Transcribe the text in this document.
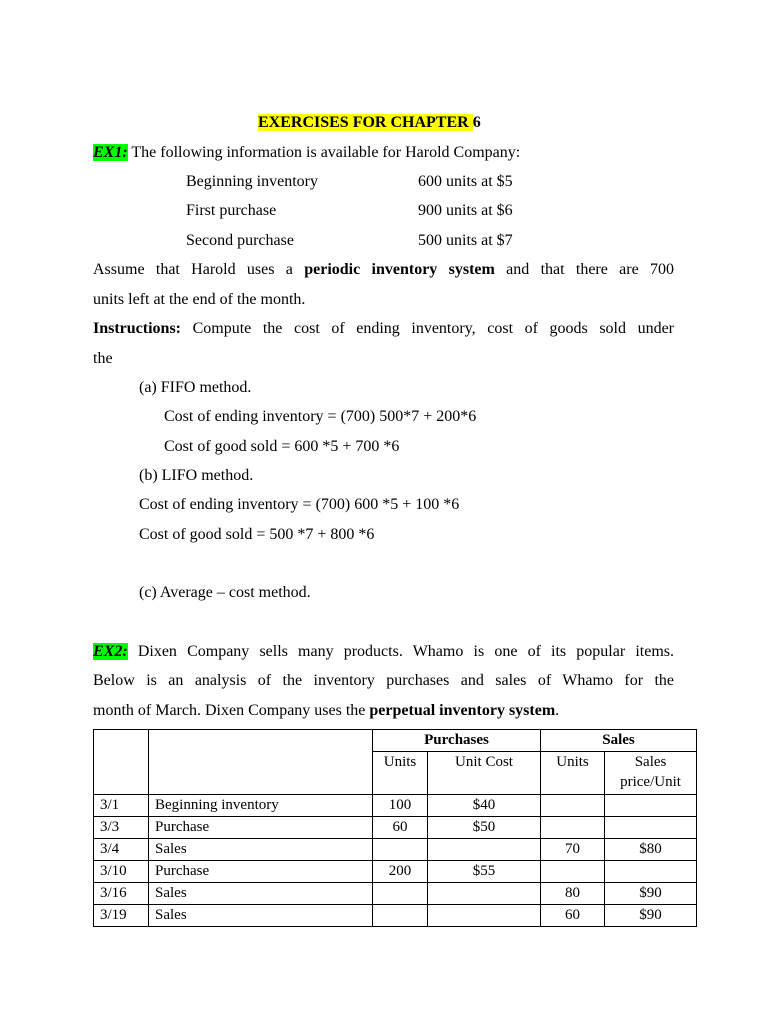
EXERCISES FOR CHAPTER 6
EX1: The following information is available for Harold Company:
Beginning inventory	600 units at $5
First purchase	900 units at $6
Second purchase	500 units at $7
Assume that Harold uses a periodic inventory system and that there are 700
units left at the end of the month.
Instructions: Compute the cost of ending inventory, cost of goods sold under
the
(a) FIFO method.
Cost of ending inventory = (700) 500*7 + 200*6
Cost of good sold = 600 *5 + 700 *6
(b) LIFO method.
Cost of ending inventory = (700) 600 *5 + 100 *6
Cost of good sold = 500 *7 + 800 *6
(c) Average – cost method.
EX2: Dixen Company sells many products. Whamo is one of its popular items.
Below is an analysis of the inventory purchases and sales of Whamo for the
month of March. Dixen Company uses the perpetual inventory system.
		Purchases		Sales	
		Units	Unit Cost	Units	Sales
price/Unit
3/1	Beginning inventory	100	$40		
3/3	Purchase	60	$50		
3/4	Sales			70	$80
3/10	Purchase	200	$55		
3/16	Sales			80	$90
3/19	Sales			60	$90
